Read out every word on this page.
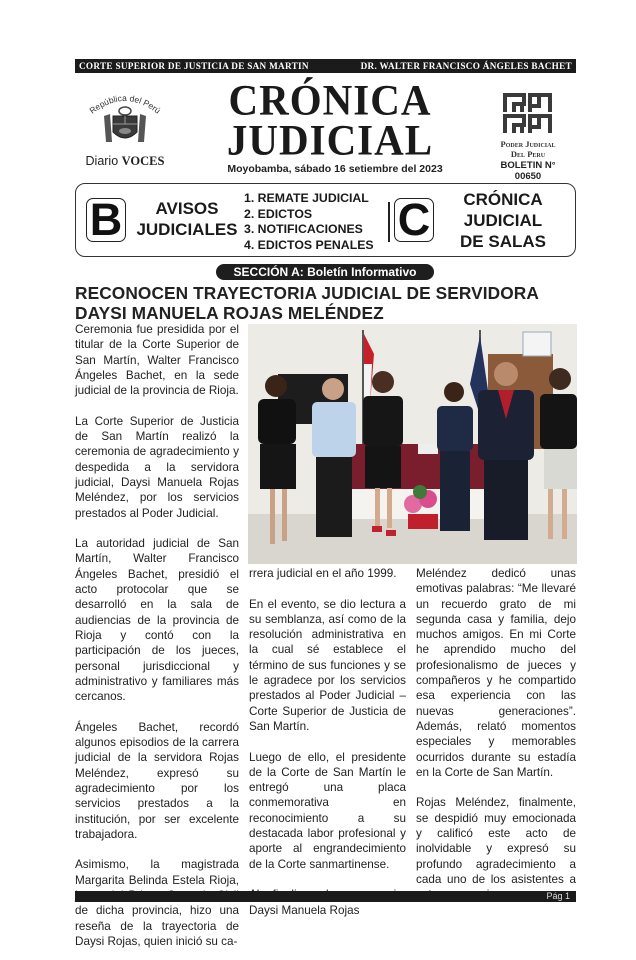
CORTE SUPERIOR DE JUSTICIA DE SAN MARTIN	DR. WALTER FRANCISCO ÁNGELES BACHET
República del Perú
Diario VOCES
CRÓNICA
JUDICIAL
Moyobamba, sábado 16 setiembre del 2023
Poder Judicial
Del Peru
BOLETIN N° 00650
B	AVISOS
JUDICIALES
1. REMATE JUDICIAL
2. EDICTOS
3. NOTIFICACIONES
4. EDICTOS PENALES C	CRÓNICA
JUDICIAL
DE SALAS
SECCIÓN A: Boletín Informativo
RECONOCEN TRAYECTORIA JUDICIAL DE SERVIDORA DAYSI MANUELA ROJAS MELÉNDEZ

Ceremonia fue presidida por el titular de la Corte Superior de San Martín, Walter Francisco Ángeles Bachet, en la sede judicial de la provincia de Rioja.

La Corte Superior de Justicia de San Martín realizó la ceremonia de agradecimiento y despedida a la servidora judicial, Daysi Manuela Rojas Meléndez, por los servicios prestados al Poder Judicial.

La autoridad judicial de San Martín, Walter Francisco Ángeles Bachet, presidió el acto protocolar que se desarrolló en la sala de audiencias de la provincia de Rioja y contó con la participación de los jueces, personal jurisdiccional y administrativo y familiares más cercanos.

Ángeles Bachet, recordó algunos episodios de la carrera judicial de la servidora Rojas Meléndez, expresó su agradecimiento por los servicios prestados a la institución, por ser excelente trabajadora.

Asimismo, la magistrada Margarita Belinda Estela Rioja, de dicha provincia, hizo una reseña de la trayectoria de Daysi Rojas, quien inició su ca-

rrera judicial en el año 1999.

En el evento, se dio lectura a su semblanza, así como de la resolución administrativa en la cual sé establece el término de sus funciones y se le agradece por los servicios prestados al Poder Judicial – Corte Superior de Justicia de San Martín.

Luego de ello, el presidente de la Corte de San Martín le entregó una placa conmemorativa en reconocimiento a su destacada labor profesional y aporte al engrandecimiento de la Corte sanmartinense.

Daysi Manuela Rojas

Meléndez dedicó unas emotivas palabras: “Me llevaré un recuerdo grato de mi segunda casa y familia, dejo muchos amigos. En mi Corte he aprendido mucho del profesionalismo de jueces y compañeros y he compartido esa experiencia con las nuevas generaciones”. Además, relató momentos especiales y memorables ocurridos durante su estadía en la Corte de San Martín.

Rojas Meléndez, finalmente, se despidió muy emocionada y calificó este acto de inolvidable y expresó su profundo agradecimiento a cada uno de los asistentes a

Pág 1
